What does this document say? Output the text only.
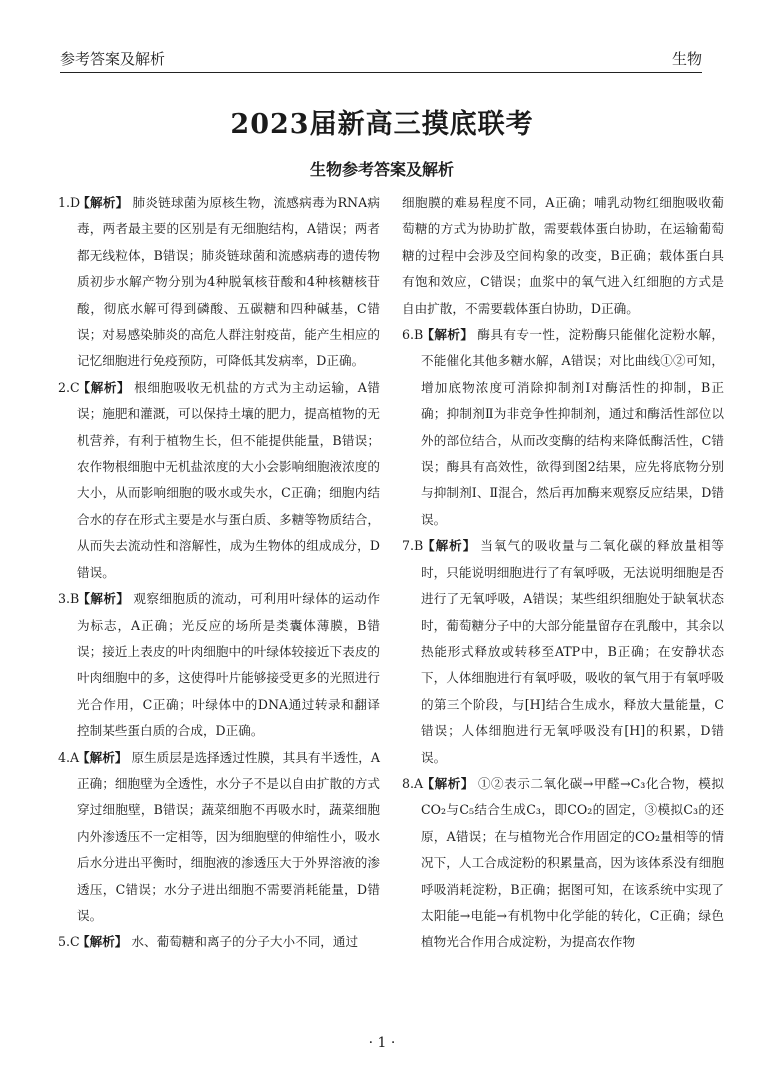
参考答案及解析	生物
2023届新高三摸底联考
生物参考答案及解析

1.D【解析】 肺炎链球菌为原核生物，流感病毒为RNA病毒，两者最主要的区别是有无细胞结构，A错误；两者都无线粒体，B错误；肺炎链球菌和流感病毒的遗传物质初步水解产物分别为4种脱氧核苷酸和4种核糖核苷酸，彻底水解可得到磷酸、五碳糖和四种碱基，C错误；对易感染肺炎的高危人群注射疫苗，能产生相应的记忆细胞进行免疫预防，可降低其发病率，D正确。

2.C【解析】 根细胞吸收无机盐的方式为主动运输，A错误；施肥和灌溉，可以保持土壤的肥力，提高植物的无机营养，有利于植物生长，但不能提供能量，B错误；农作物根细胞中无机盐浓度的大小会影响细胞液浓度的大小，从而影响细胞的吸水或失水，C正确；细胞内结合水的存在形式主要是水与蛋白质、多糖等物质结合，从而失去流动性和溶解性，成为生物体的组成成分，D错误。

3.B【解析】 观察细胞质的流动，可利用叶绿体的运动作为标志，A正确；光反应的场所是类囊体薄膜，B错误；接近上表皮的叶肉细胞中的叶绿体较接近下表皮的叶肉细胞中的多，这使得叶片能够接受更多的光照进行光合作用，C正确；叶绿体中的DNA通过转录和翻译控制某些蛋白质的合成，D正确。

4.A【解析】 原生质层是选择透过性膜，其具有半透性，A正确；细胞壁为全透性，水分子不是以自由扩散的方式穿过细胞壁，B错误；蔬菜细胞不再吸水时，蔬菜细胞内外渗透压不一定相等，因为细胞壁的伸缩性小，吸水后水分进出平衡时，细胞液的渗透压大于外界溶液的渗透压，C错误；水分子进出细胞不需要消耗能量，D错误。

5.C【解析】 水、葡萄糖和离子的分子大小不同，通过

细胞膜的难易程度不同，A正确；哺乳动物红细胞吸收葡萄糖的方式为协助扩散，需要载体蛋白协助，在运输葡萄糖的过程中会涉及空间构象的改变，B正确；载体蛋白具有饱和效应，C错误；血浆中的氧气进入红细胞的方式是自由扩散，不需要载体蛋白协助，D正确。

6.B【解析】 酶具有专一性，淀粉酶只能催化淀粉水解，不能催化其他多糖水解，A错误；对比曲线①②可知，增加底物浓度可消除抑制剂Ⅰ对酶活性的抑制，B正确；抑制剂Ⅱ为非竞争性抑制剂，通过和酶活性部位以外的部位结合，从而改变酶的结构来降低酶活性，C错误；酶具有高效性，欲得到图2结果，应先将底物分别与抑制剂Ⅰ、Ⅱ混合，然后再加酶来观察反应结果，D错误。

7.B【解析】 当氧气的吸收量与二氧化碳的释放量相等时，只能说明细胞进行了有氧呼吸，无法说明细胞是否进行了无氧呼吸，A错误；某些组织细胞处于缺氧状态时，葡萄糖分子中的大部分能量留存在乳酸中，其余以热能形式释放或转移至ATP中，B正确；在安静状态下，人体细胞进行有氧呼吸，吸收的氧气用于有氧呼吸的第三个阶段，与[H]结合生成水，释放大量能量，C错误；人体细胞进行无氧呼吸没有[H]的积累，D错误。

8.A【解析】 ①②表示二氧化碳→甲醛→C₃化合物，模拟CO₂与C₅结合生成C₃，即CO₂的固定，③模拟C₃的还原，A错误；在与植物光合作用固定的CO₂量相等的情况下，人工合成淀粉的积累量高，因为该体系没有细胞呼吸消耗淀粉，B正确；据图可知，在该系统中实现了太阳能→电能→有机物中化学能的转化，C正确；绿色植物光合作用合成淀粉，为提高农作物

· 1 ·
